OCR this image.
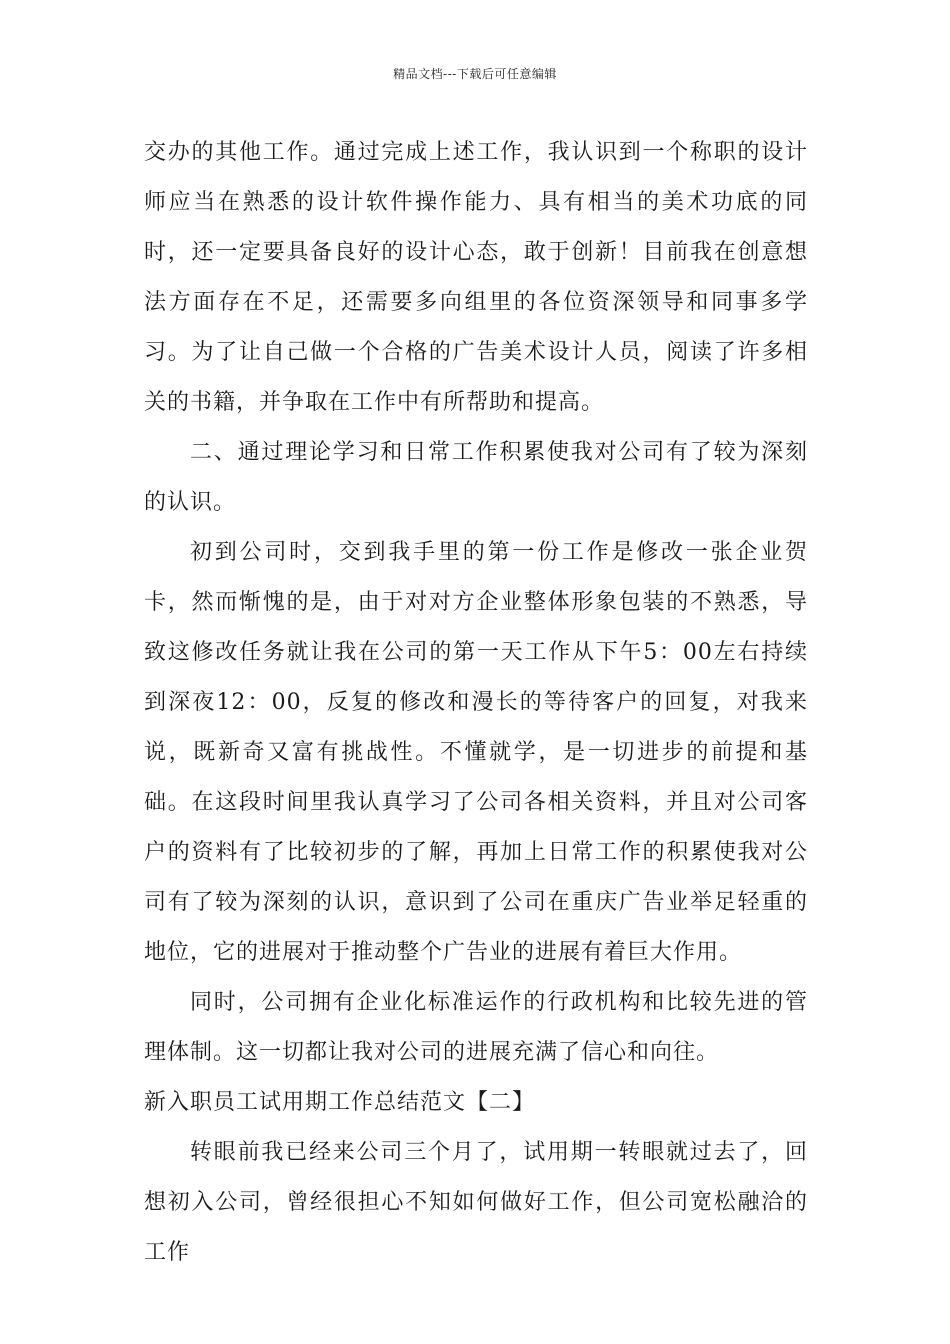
精品文档---下载后可任意编辑

交办的其他工作。通过完成上述工作，我认识到一个称职的设计师应当在熟悉的设计软件操作能力、具有相当的美术功底的同时，还一定要具备良好的设计心态，敢于创新！目前我在创意想法方面存在不足，还需要多向组里的各位资深领导和同事多学习。为了让自己做一个合格的广告美术设计人员，阅读了许多相关的书籍，并争取在工作中有所帮助和提高。

二、通过理论学习和日常工作积累使我对公司有了较为深刻的认识。

初到公司时，交到我手里的第一份工作是修改一张企业贺卡，然而惭愧的是，由于对对方企业整体形象包装的不熟悉，导致这修改任务就让我在公司的第一天工作从下午5：00左右持续到深夜12：00，反复的修改和漫长的等待客户的回复，对我来说，既新奇又富有挑战性。不懂就学，是一切进步的前提和基础。在这段时间里我认真学习了公司各相关资料，并且对公司客户的资料有了比较初步的了解，再加上日常工作的积累使我对公司有了较为深刻的认识，意识到了公司在重庆广告业举足轻重的地位，它的进展对于推动整个广告业的进展有着巨大作用。

同时，公司拥有企业化标准运作的行政机构和比较先进的管理体制。这一切都让我对公司的进展充满了信心和向往。

新入职员工试用期工作总结范文【二】

转眼前我已经来公司三个月了，试用期一转眼就过去了，回想初入公司，曾经很担心不知如何做好工作，但公司宽松融洽的工作
